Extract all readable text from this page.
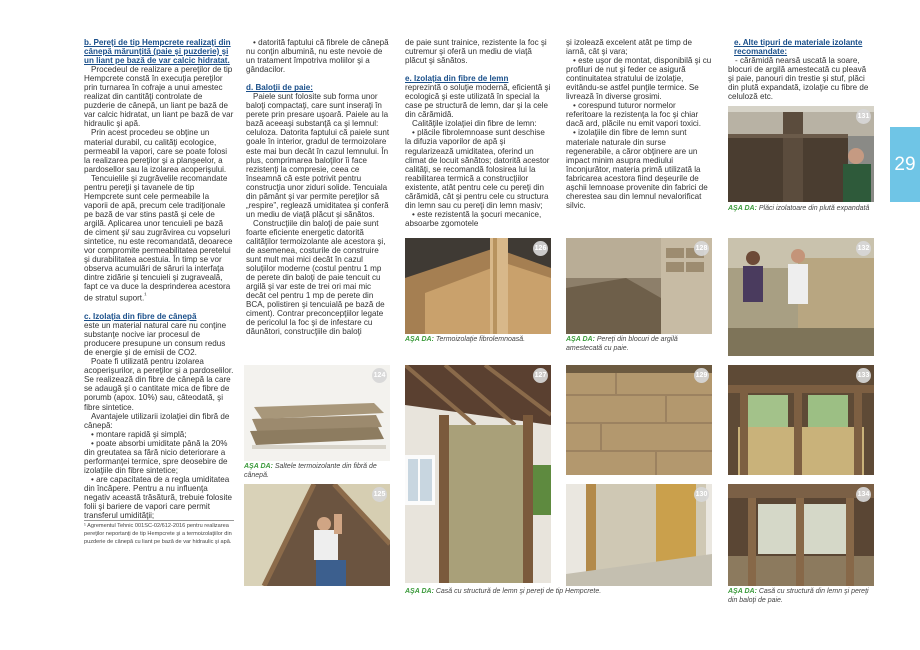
b. Pereţi de tip Hempcrete realizaţi din cânepă mărunţită (paie şi puzderie) şi un liant pe bază de var calcic hidratat.

Procedeul de realizare a pereţilor de tip Hempcrete constă în execuţia pereţilor prin turnarea în cofraje a unui amestec realizat din cantităţi controlate de puzderie de cânepă, un liant pe bază de var calcic hidratat, un liant pe bază de var hidraulic şi apă.

Prin acest procedeu se obţine un material durabil, cu calităţi ecologice, permeabil la vapori, care se poate folosi la realizarea pereţilor şi a planşeelor, a pardosellor sau la izolarea acoperişului.

Tencuielile şi zugrăvelile recomandate pentru pereţii şi tavanele de tip Hempcrete sunt cele permeabile la vaporii de apă, precum cele tradiţionale pe bază de var stins pastă şi cele de argilă. Aplicarea unor tencuieli pe bază de ciment şi/ sau zugrăvirea cu vopseluri sintetice, nu este recomandată, deoarece vor compromite permeabilitatea peretelui şi durabilitatea acestuia. În timp se vor observa acumulări de săruri la interfaţa dintre zidărie şi tencuieli şi zugraveală, fapt ce va duce la desprinderea acestora de stratul suport.$^{^1}$

c. Izolaţia din fibre de cânepă

este un material natural care nu conţine substanţe nocive iar procesul de producere presupune un consum redus de energie şi de emisii de CO2.

Poate fi utilizată pentru izolarea acoperişurilor, a pereţilor şi a pardoselilor. Se realizează din fibre de cânepă la care se adaugă şi o cantitate mica de fibre de porumb (apox. 10%) sau, câteodată, şi fibre sintetice.

Avantajele utilizarii izolaţiei din fibră de cânepă:

• montare rapidă şi simplă;

• poate absorbi umiditate până la 20% din greutatea sa fără nicio deteriorare a performanţei termice, spre deosebire de izolaţiile din fibre sintetice;

• are capacitatea de a regla umiditatea din încăpere. Pentru a nu influenţa negativ această trăsătură, trebuie folosite folii şi bariere de vapori care permit transferul umidităţii;

¹ Agrementul Tehnic 001SC-02/612-2016 pentru realizarea pereţilor neportanţi de tip Hempcrete şi a termoizolaţiilor din puzderie de cânepă cu liant pe bază de var hidraulic şi apă.

• datorită faptului că fibrele de cânepă nu conţin albumină, nu este nevoie de un tratament împotriva moliilor şi a gândacilor.

d. Baloţii de paie:

Paiele sunt folosite sub forma unor baloţi compactaţi, care sunt inseraţi în perete prin presare uşoară. Paiele au la bază aceeaşi substanţă ca şi lemnul: celuloza. Datorita faptului că paiele sunt goale în interior, gradul de termoizolare este mai bun decât în cazul lemnului. În plus, comprimarea baloţilor îi face rezistenţi la compresie, ceea ce înseamnă că este potrivit pentru construcţia unor ziduri solide. Tencuiala din pământ şi var permite pereţilor să „respire”, reglează umiditatea şi conferă un mediu de viaţă plăcut şi sănătos.

Construcţiile din baloţi de paie sunt foarte eficiente energetic datorită calităţilor termoizolante ale acestora şi, de asemenea, costurile de construire sunt mult mai mici decât în cazul soluţiilor moderne (costul pentru 1 mp de perete din baloţi de paie tencuit cu argilă şi var este de trei ori mai mic decât cel pentru 1 mp de perete din BCA, polistiren şi tencuială pe bază de ciment). Contrar preconcepţiilor legate de pericolul la foc şi de infestare cu dăunători, construcţiile din baloţi

de paie sunt trainice, rezistente la foc şi cutremur şi oferă un mediu de viaţă plăcut şi sănătos.

e. Izolaţia din fibre de lemn

reprezintă o soluţie modernă, eficientă şi ecologică şi este utilizată în special la case pe structură de lemn, dar şi la cele din cărămidă.

Calităţile izolaţiei din fibre de lemn:

• plăcile fibrolemnoase sunt deschise la difuzia vaporilor de apă şi regularizează umiditatea, oferind un climat de locuit sănătos; datorită acestor calităţi, se recomandă folosirea lui la reabilitarea termică a construcţiilor existente, atât pentru cele cu pereţi din cărămidă, cât şi pentru cele cu structura din lemn sau cu pereţi din lemn masiv;

• este rezistentă la şocuri mecanice, absoarbe zgomotele

şi izolează excelent atât pe timp de iarnă, cât şi vara;

• este uşor de montat, disponibilă şi cu profiluri de nut şi feder ce asigură continuitatea stratului de izolaţie, evitându-se astfel punţile termice. Se livrează în diverse grosimi.

• corespund tuturor normelor referitoare la rezistenţa la foc şi chiar dacă ard, plăcile nu emit vapori toxici.

• izolaţiile din fibre de lemn sunt materiale naturale din surse regenerabile, a căror obţinere are un impact minim asupra mediului înconjurător, materia primă utilizată la fabricarea acestora fiind deşeurile de aşchii lemnoase provenite din fabrici de cherestea sau din lemnul nevalorificat silvic.

e. Alte tipuri de materiale izolante recomandate:

- cărămidă nearsă uscată la soare, blocuri de argilă amestecată cu pleavă şi paie, panouri din trestie şi stuf, plăci din plută expandată, izolaţie cu fibre de celuloză etc.

29
131
AŞA DA: Plăci izolatoare din plută expandată
126
AŞA DA: Termoizolaţie fibrolemnoasă.
128
AŞA DA: Pereţi din blocuri de argilă amestecată cu paie.
132
124
AŞA DA: Saltele termoizolante din fibră de cânepă.
127	129	133
125	130	134
AŞA DA: Casă cu structură de lemn şi pereţi de tip Hempcrete.	AŞA DA: Casă cu structură din lemn şi pereţi din baloţi de paie.
